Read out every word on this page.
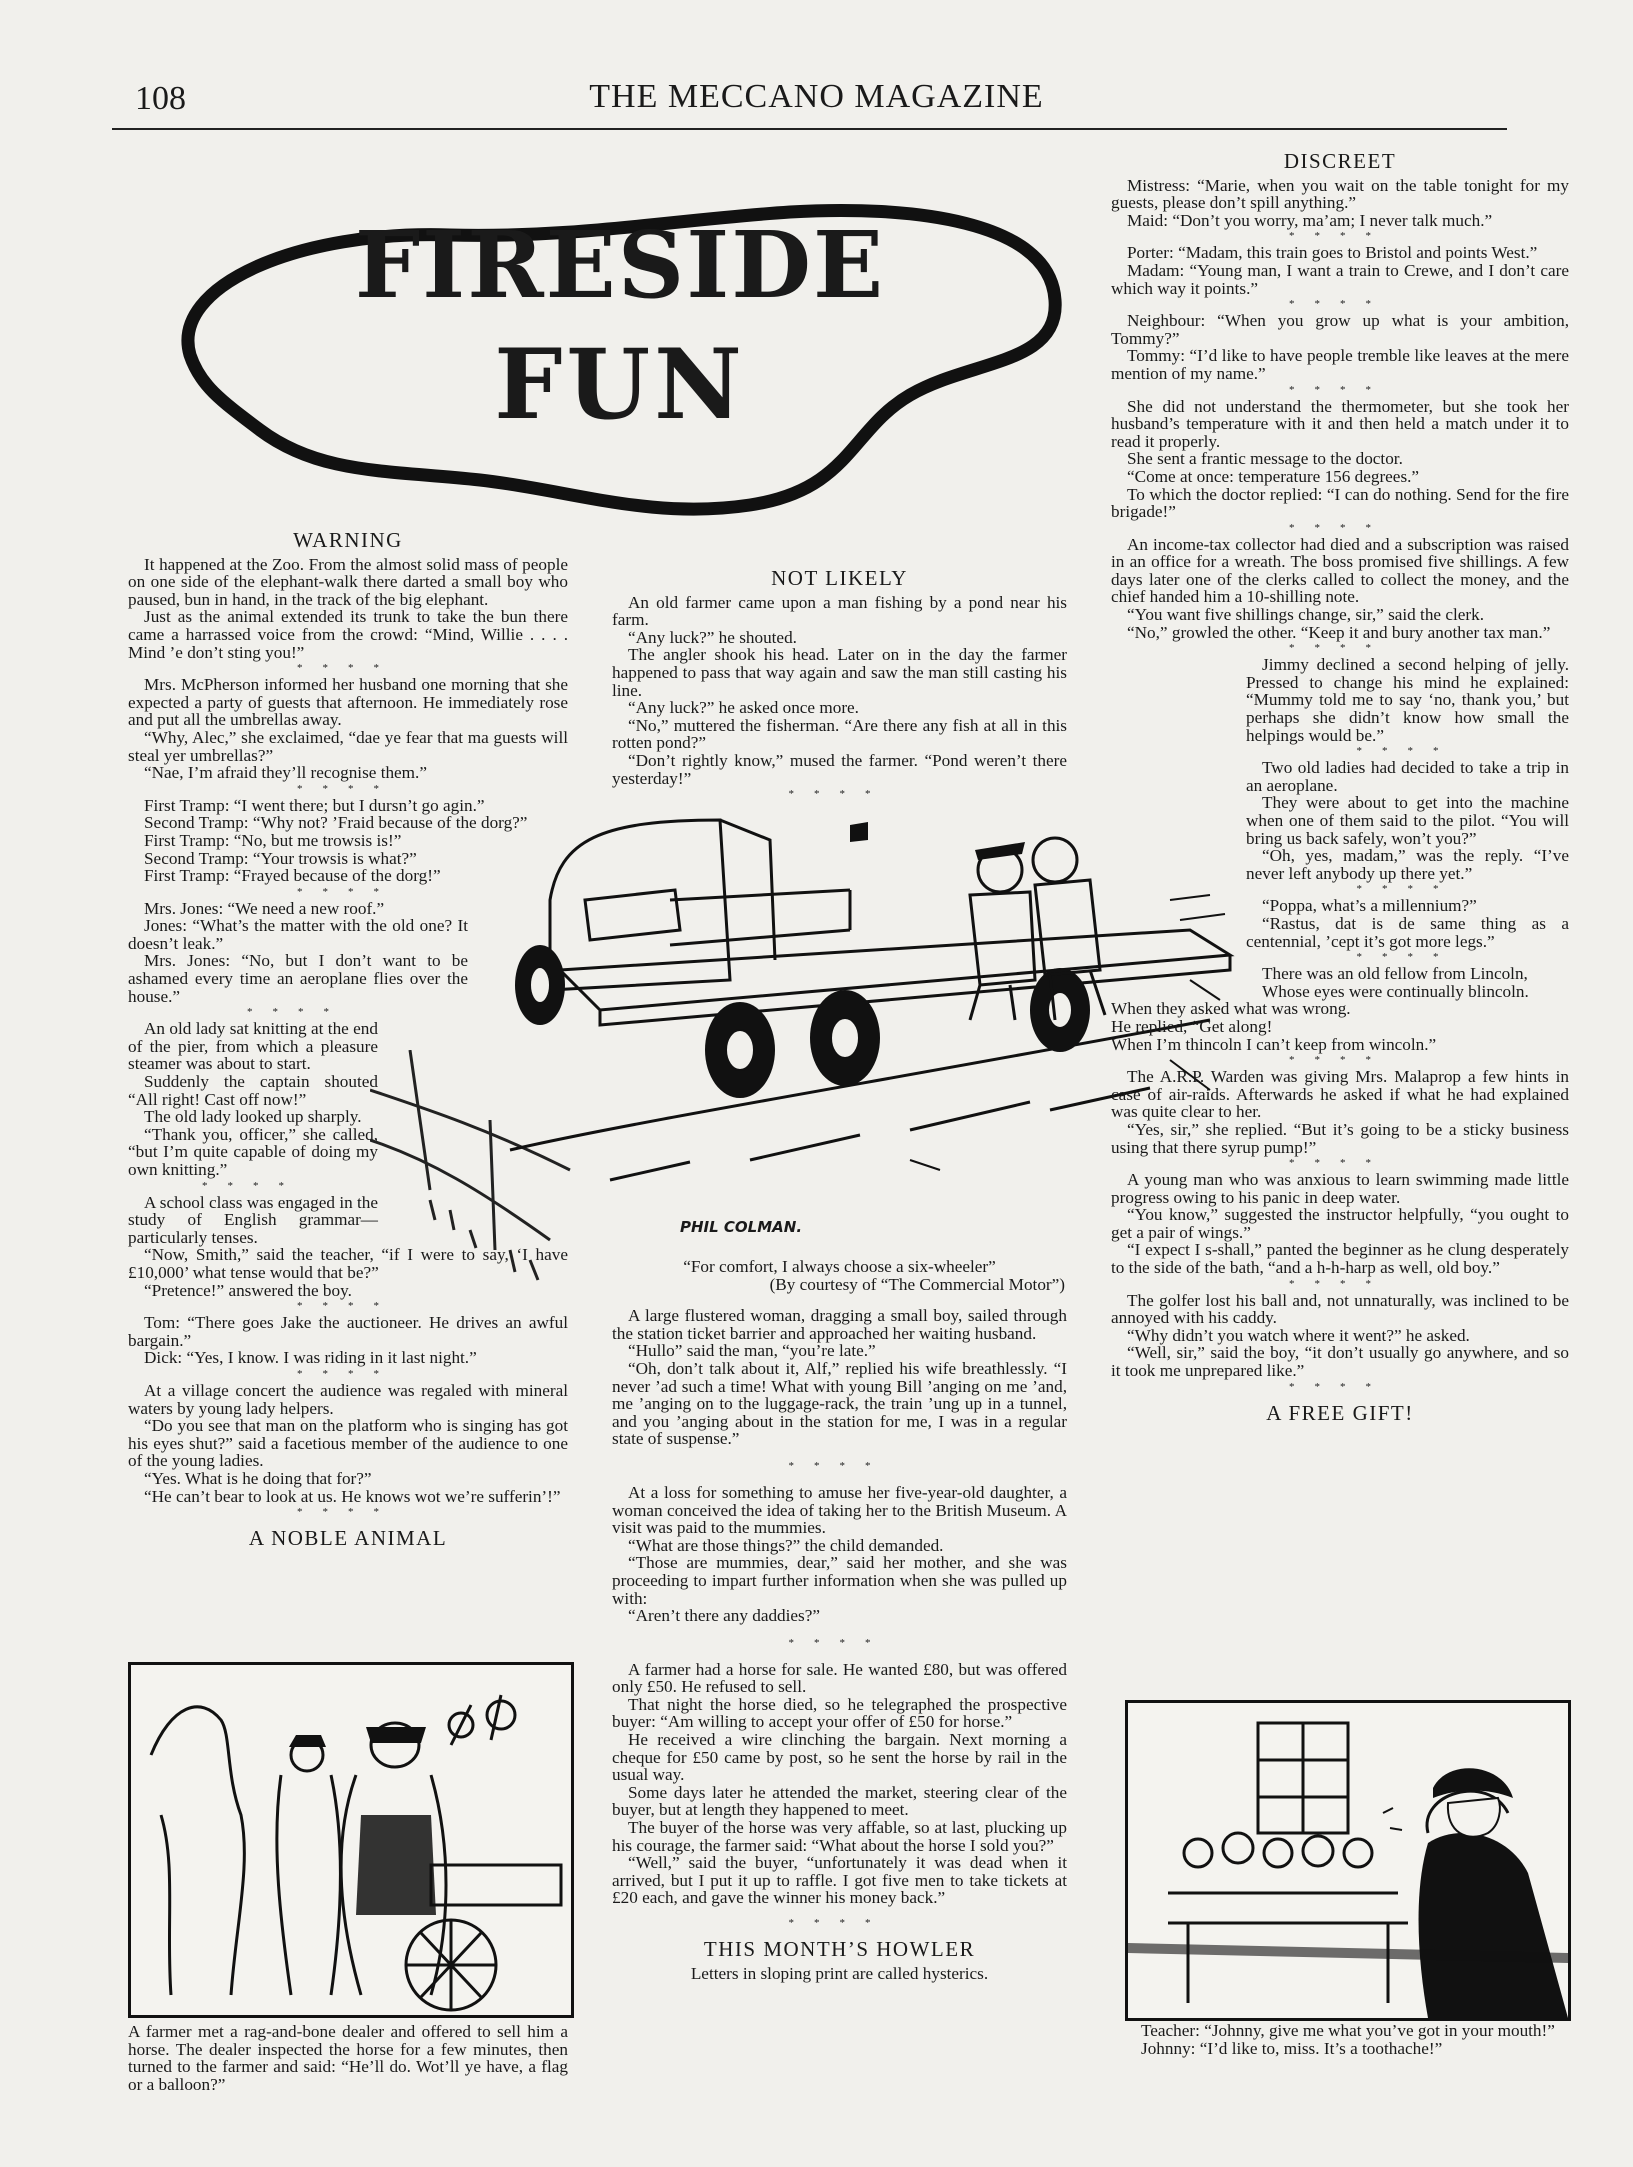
108	THE MECCANO MAGAZINE
FIRESIDE
FUN
WARNING

It happened at the Zoo. From the almost solid mass of people on one side of the elephant-walk there darted a small boy who paused, bun in hand, in the track of the big elephant.

Just as the animal extended its trunk to take the bun there came a harrassed voice from the crowd: “Mind, Willie . . . . Mind ’e don’t sting you!”

****

Mrs. McPherson informed her husband one morning that she expected a party of guests that afternoon. He immediately rose and put all the umbrellas away.

“Why, Alec,” she exclaimed, “dae ye fear that ma guests will steal yer umbrellas?”

“Nae, I’m afraid they’ll recognise them.”

****

First Tramp: “I went there; but I dursn’t go agin.”

Second Tramp: “Why not? ’Fraid because of the dorg?”

First Tramp: “No, but me trowsis is!”

Second Tramp: “Your trowsis is what?”

First Tramp: “Frayed because of the dorg!”

****

Mrs. Jones: “We need a new roof.”

Jones: “What’s the matter with the old one? It doesn’t leak.”

Mrs. Jones: “No, but I don’t want to be ashamed every time an aeroplane flies over the house.”

****

An old lady sat knitting at the end of the pier, from which a pleasure steamer was about to start.

Suddenly the captain shouted “All right! Cast off now!”

The old lady looked up sharply.

“Thank you, officer,” she called, “but I’m quite capable of doing my own knitting.”

****

A school class was engaged in the study of English grammar—particularly tenses.

“Now, Smith,” said the teacher, “if I were to say, ‘I have £10,000’ what tense would that be?”

“Pretence!” answered the boy.

****

Tom: “There goes Jake the auctioneer. He drives an awful bargain.”

Dick: “Yes, I know. I was riding in it last night.”

****

At a village concert the audience was regaled with mineral waters by young lady helpers.

“Do you see that man on the platform who is singing has got his eyes shut?” said a facetious member of the audience to one of the young ladies.

“Yes. What is he doing that for?”

“He can’t bear to look at us. He knows wot we’re sufferin’!”

****
A NOBLE ANIMAL
A farmer met a rag-and-bone dealer and offered to sell him a horse. The dealer inspected the horse for a few minutes, then turned to the farmer and said: “He’ll do. Wot’ll ye have, a flag or a balloon?”
NOT LIKELY

An old farmer came upon a man fishing by a pond near his farm.

“Any luck?” he shouted.

The angler shook his head. Later on in the day the farmer happened to pass that way again and saw the man still casting his line.

“Any luck?” he asked once more.

“No,” muttered the fisherman. “Are there any fish at all in this rotten pond?”

“Don’t rightly know,” mused the farmer. “Pond weren’t there yesterday!”

****
PHIL COLMAN.
“For comfort, I always choose a six-wheeler”
(By courtesy of “The Commercial Motor”)

A large flustered woman, dragging a small boy, sailed through the station ticket barrier and approached her waiting husband.

“Hullo” said the man, “you’re late.”

“Oh, don’t talk about it, Alf,” replied his wife breathlessly. “I never ’ad such a time! What with young Bill ’anging on me ’and, me ’anging on to the luggage-rack, the train ’ung up in a tunnel, and you ’anging about in the station for me, I was in a regular state of suspense.”

****

At a loss for something to amuse her five-year-old daughter, a woman conceived the idea of taking her to the British Museum. A visit was paid to the mummies.

“What are those things?” the child demanded.

“Those are mummies, dear,” said her mother, and she was proceeding to impart further information when she was pulled up with:

“Aren’t there any daddies?”

****

A farmer had a horse for sale. He wanted £80, but was offered only £50. He refused to sell.

That night the horse died, so he telegraphed the prospective buyer: “Am willing to accept your offer of £50 for horse.”

He received a wire clinching the bargain. Next morning a cheque for £50 came by post, so he sent the horse by rail in the usual way.

Some days later he attended the market, steering clear of the buyer, but at length they happened to meet.

The buyer of the horse was very affable, so at last, plucking up his courage, the farmer said: “What about the horse I sold you?”

“Well,” said the buyer, “unfortunately it was dead when it arrived, but I put it up to raffle. I got five men to take tickets at £20 each, and gave the winner his money back.”

****
THIS MONTH’S HOWLER
Letters in sloping print are called hysterics.
DISCREET

Mistress: “Marie, when you wait on the table tonight for my guests, please don’t spill anything.”

Maid: “Don’t you worry, ma’am; I never talk much.”

****

Porter: “Madam, this train goes to Bristol and points West.”

Madam: “Young man, I want a train to Crewe, and I don’t care which way it points.”

****

Neighbour: “When you grow up what is your ambition, Tommy?”

Tommy: “I’d like to have people tremble like leaves at the mere mention of my name.”

****

She did not understand the thermometer, but she took her husband’s temperature with it and then held a match under it to read it properly.

She sent a frantic message to the doctor.

“Come at once: temperature 156 degrees.”

To which the doctor replied: “I can do nothing. Send for the fire brigade!”

****

An income-tax collector had died and a subscription was raised in an office for a wreath. The boss promised five shillings. A few days later one of the clerks called to collect the money, and the chief handed him a 10-shilling note.

“You want five shillings change, sir,” said the clerk.

“No,” growled the other. “Keep it and bury another tax man.”

****

Jimmy declined a second helping of jelly. Pressed to change his mind he explained: “Mummy told me to say ‘no, thank you,’ but perhaps she didn’t know how small the helpings would be.”

****

Two old ladies had decided to take a trip in an aeroplane.

They were about to get into the machine when one of them said to the pilot. “You will bring us back safely, won’t you?”

“Oh, yes, madam,” was the reply. “I’ve never left anybody up there yet.”

****

“Poppa, what’s a millennium?”

“Rastus, dat is de same thing as a centennial, ’cept it’s got more legs.”

****

There was an old fellow from Lincoln,

Whose eyes were continually blincoln.

When they asked what was wrong.

He replied, “Get along!

When I’m thincoln I can’t keep from wincoln.”

****

The A.R.P. Warden was giving Mrs. Malaprop a few hints in case of air-raids. Afterwards he asked if what he had explained was quite clear to her.

“Yes, sir,” she replied. “But it’s going to be a sticky business using that there syrup pump!”

****

A young man who was anxious to learn swimming made little progress owing to his panic in deep water.

“You know,” suggested the instructor helpfully, “you ought to get a pair of wings.”

“I expect I s-shall,” panted the beginner as he clung desperately to the side of the bath, “and a h-h-harp as well, old boy.”

****

The golfer lost his ball and, not unnaturally, was inclined to be annoyed with his caddy.

“Why didn’t you watch where it went?” he asked.

“Well, sir,” said the boy, “it don’t usually go anywhere, and so it took me unprepared like.”

****
A FREE GIFT!
Teacher: “Johnny, give me what you’ve got in your mouth!”
Johnny: “I’d like to, miss. It’s a toothache!”
